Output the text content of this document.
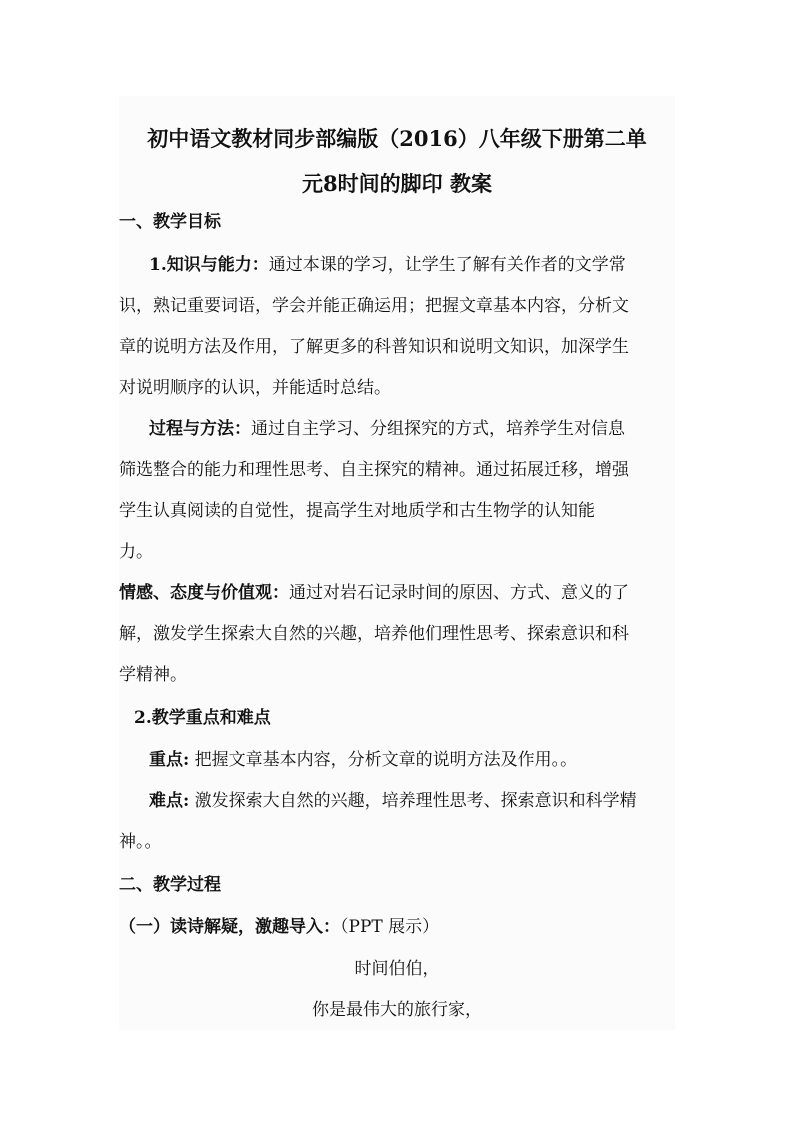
初中语文教材同步部编版（2016）八年级下册第二单
元8时间的脚印 教案
一、教学目标
1.知识与能力：通过本课的学习，让学生了解有关作者的文学常
识，熟记重要词语，学会并能正确运用；把握文章基本内容，分析文
章的说明方法及作用，了解更多的科普知识和说明文知识，加深学生
对说明顺序的认识，并能适时总结。
过程与方法：通过自主学习、分组探究的方式，培养学生对信息
筛选整合的能力和理性思考、自主探究的精神。通过拓展迁移，增强
学生认真阅读的自觉性，提高学生对地质学和古生物学的认知能
力。
情感、态度与价值观：通过对岩石记录时间的原因、方式、意义的了
解，激发学生探索大自然的兴趣，培养他们理性思考、探索意识和科
学精神。
2.教学重点和难点
重点: 把握文章基本内容，分析文章的说明方法及作用。。
难点: 激发探索大自然的兴趣，培养理性思考、探索意识和科学精
神。。
二、教学过程
（一）读诗解疑，激趣导入：（PPT 展示）
时间伯伯，
你是最伟大的旅行家，
